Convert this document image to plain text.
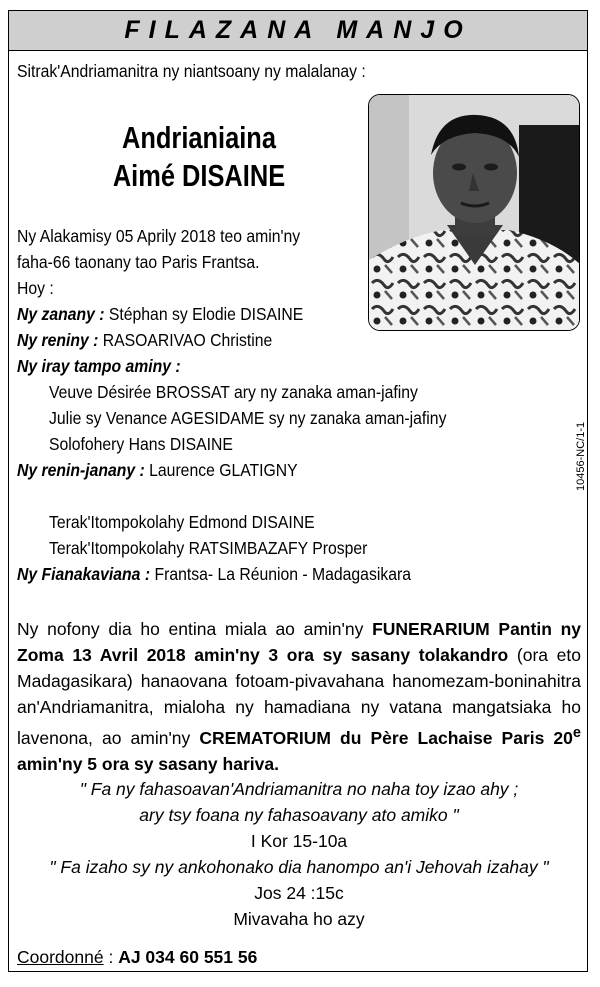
FILAZANA MANJO
Sitrak'Andriamanitra ny niantsoany ny malalanay :
Andrianiaina
Aimé DISAINE
Ny Alakamisy 05 Aprily 2018 teo amin'ny
faha-66 taonany tao Paris Frantsa.
Hoy :
Ny zanany : Stéphan sy Elodie DISAINE
Ny reniny : RASOARIVAO Christine
Ny iray tampo aminy :
Veuve Désirée BROSSAT ary ny zanaka aman-jafiny
Julie sy Venance AGESIDAME sy ny zanaka aman-jafiny
Solofohery Hans DISAINE
Ny renin-janany : Laurence GLATIGNY
Terak'Itompokolahy Edmond DISAINE
Terak'Itompokolahy RATSIMBAZAFY Prosper
Ny Fianakaviana : Frantsa- La Réunion - Madagasikara
10456-NC/1-1
Ny nofony dia ho entina miala ao amin'ny FUNERARIUM Pantin ny Zoma 13 Avril 2018 amin'ny 3 ora sy sasany tolakandro (ora eto Madagasikara) hanaovana fotoam-pivavahana hanomezam-boninahitra an'Andriamanitra, mialoha ny hamadiana ny vatana mangatsiaka ho lavenona, ao amin'ny CREMATORIUM du Père Lachaise Paris 20e amin'ny 5 ora sy sasany hariva.
" Fa ny fahasoavan'Andriamanitra no naha toy izao ahy ;
ary tsy foana ny fahasoavany ato amiko "
I Kor 15-10a
" Fa izaho sy ny ankohonako dia hanompo an'i Jehovah izahay "
Jos 24 :15c
Mivavaha ho azy
Coordonné : AJ 034 60 551 56
